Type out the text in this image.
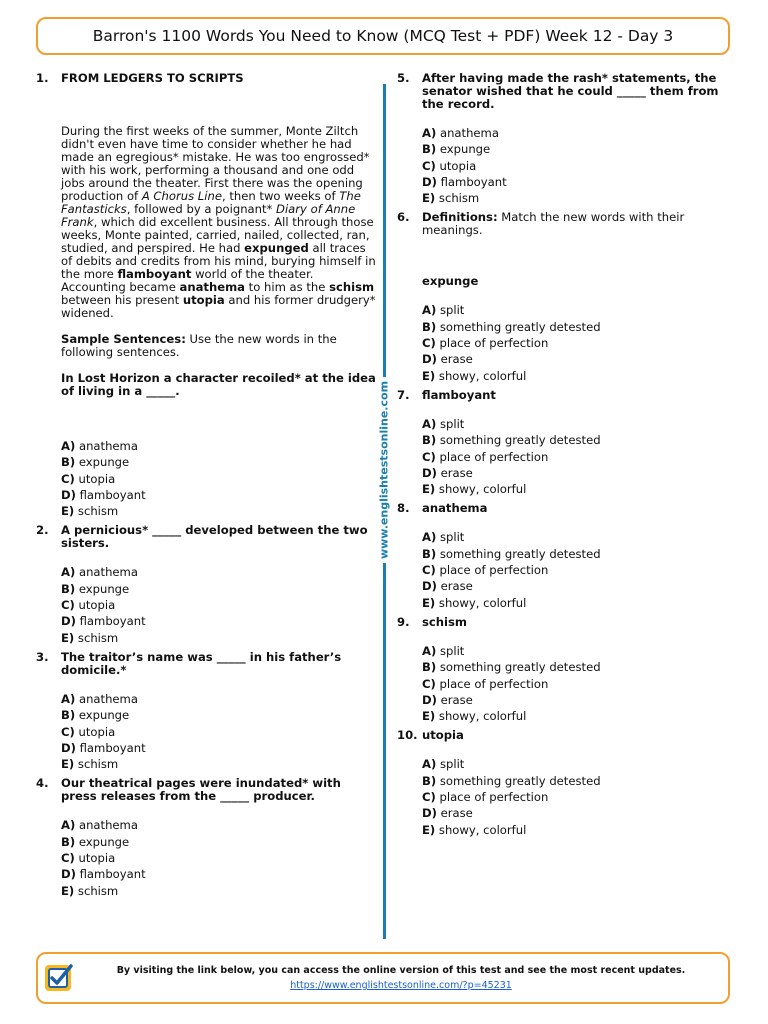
Barron's 1100 Words You Need to Know (MCQ Test + PDF) Week 12 - Day 3
www.englishtestsonline.com
1.	FROM LEDGERS TO SCRIPTS

During the first weeks of the summer, Monte Ziltch didn't even have time to consider whether he had made an egregious* mistake. He was too engrossed* with his work, performing a thousand and one odd jobs around the theater. First there was the opening production of A Chorus Line, then two weeks of The Fantasticks, followed by a poignant* Diary of Anne Frank, which did excellent business. All through those weeks, Monte painted, carried, nailed, collected, ran, studied, and perspired. He had expunged all traces of debits and credits from his mind, burying himself in the more flamboyant world of the theater. Accounting became anathema to him as the schism between his present utopia and his former drudgery* widened.

Sample Sentences: Use the new words in the following sentences.
In Lost Horizon a character recoiled* at the idea of living in a _____.
A) anathema
B) expunge
C) utopia
D) flamboyant
E) schism
2.	A pernicious* _____ developed between the two sisters.
A) anathema
B) expunge
C) utopia
D) flamboyant
E) schism
3.	The traitor’s name was _____ in his father’s domicile.*
A) anathema
B) expunge
C) utopia
D) flamboyant
E) schism
4.	Our theatrical pages were inundated* with press releases from the _____ producer.
A) anathema
B) expunge
C) utopia
D) flamboyant
E) schism
5.	After having made the rash* statements, the senator wished that he could _____ them from the record.
A) anathema
B) expunge
C) utopia
D) flamboyant
E) schism
6.	Definitions: Match the new words with their meanings.
expunge
A) split
B) something greatly detested
C) place of perfection
D) erase
E) showy, colorful
7.	flamboyant
A) split
B) something greatly detested
C) place of perfection
D) erase
E) showy, colorful
8.	anathema
A) split
B) something greatly detested
C) place of perfection
D) erase
E) showy, colorful
9.	schism
A) split
B) something greatly detested
C) place of perfection
D) erase
E) showy, colorful
10. utopia
A) split
B) something greatly detested
C) place of perfection
D) erase
E) showy, colorful
By visiting the link below, you can access the online version of this test and see the most recent updates.
https://www.englishtestsonline.com/?p=45231
